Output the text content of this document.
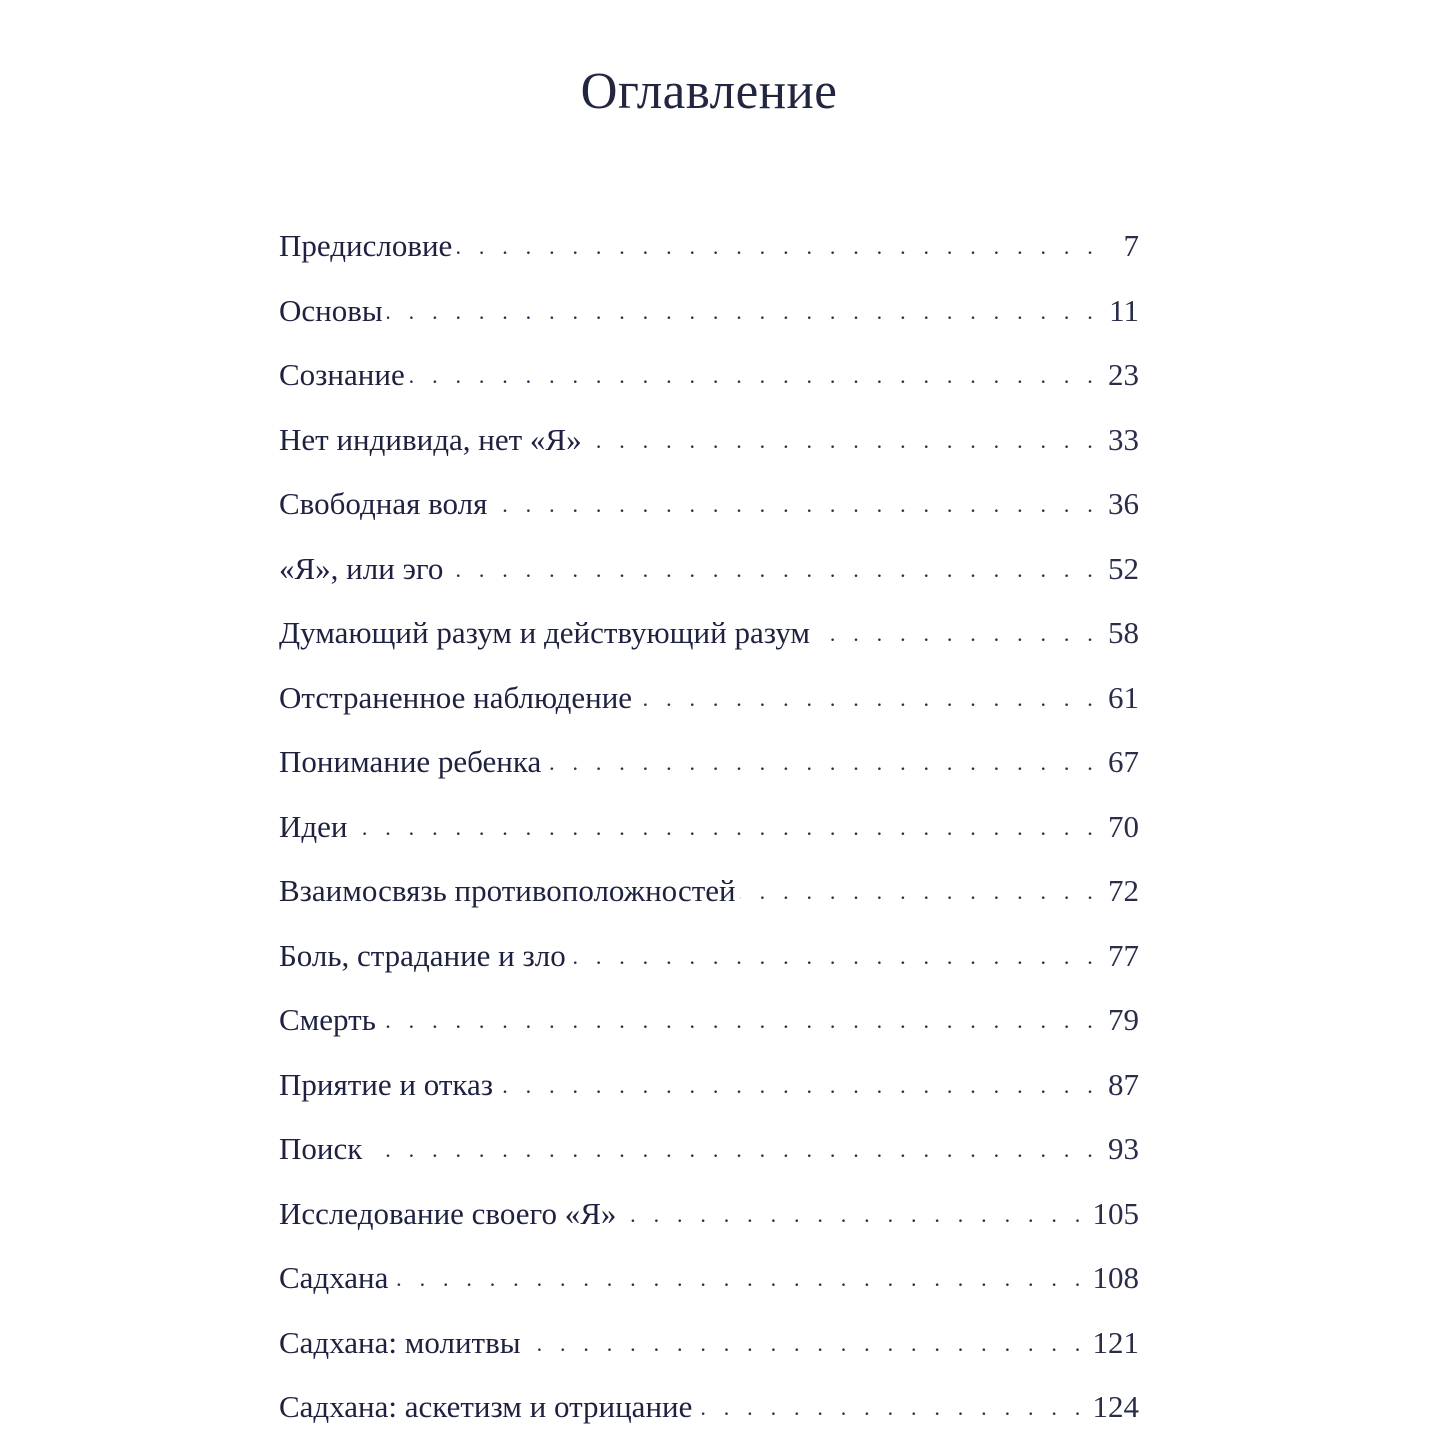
Оглавление
Предисловие . . .	7
Основы . . .	11
Сознание . . .	23
Нет индивида, нет «Я» . . .	33
Свободная воля . . .	36
«Я», или эго . . .	52
Думающий разум и действующий разум . . .	58
Отстраненное наблюдение . . .	61
Понимание ребенка . . .	67
Идеи . . .	70
Взаимосвязь противоположностей . . .	72
Боль, страдание и зло . . .	77
Смерть . . .	79
Приятие и отказ . . .	87
Поиск . . .	93
Исследование своего «Я» . . .	105
Садхана . . .	108
Садхана: молитвы . . .	121
Садхана: аскетизм и отрицание . . .	124
